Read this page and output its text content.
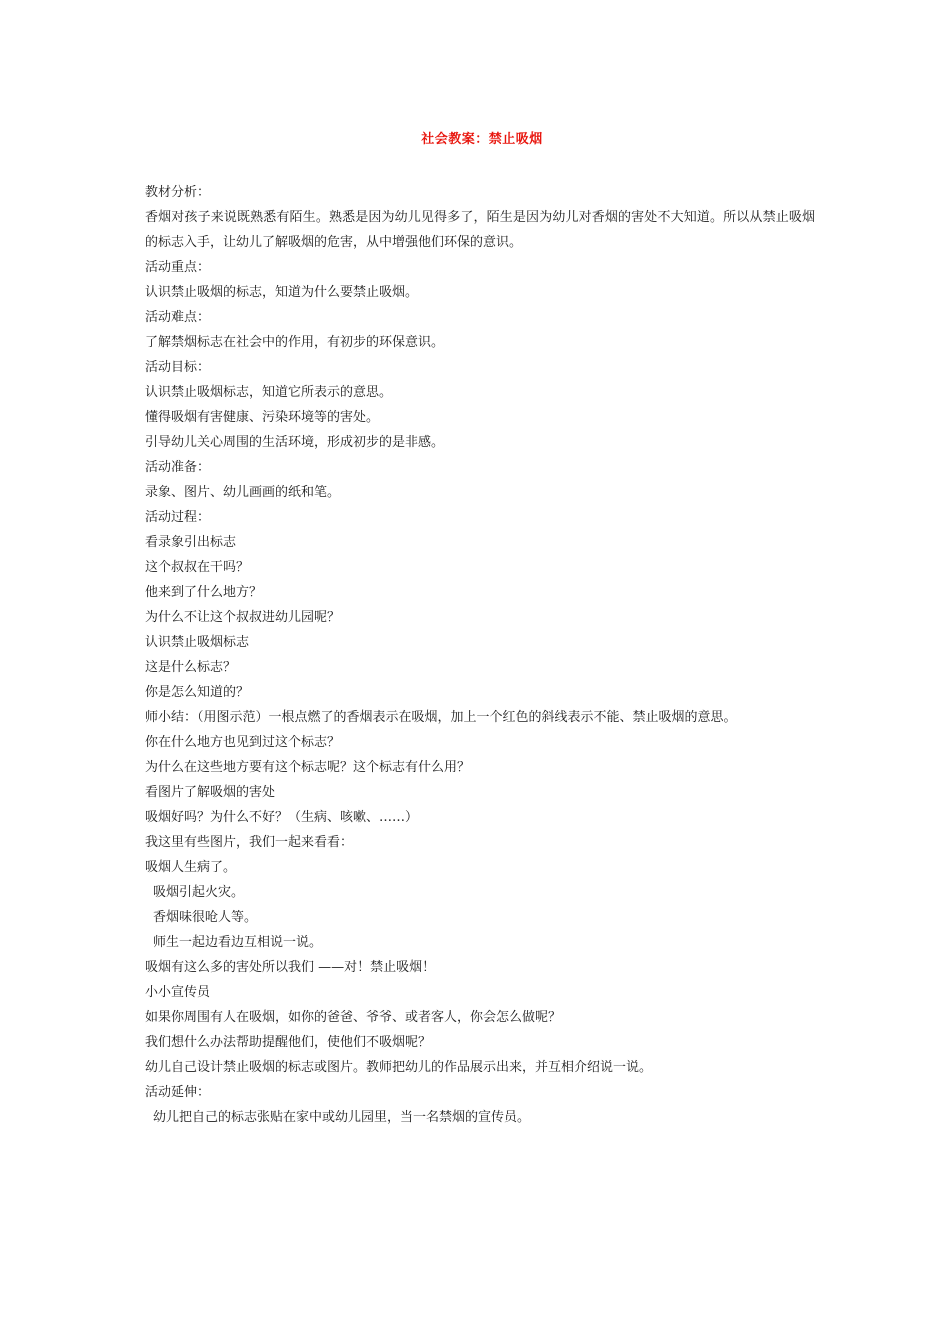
社会教案：禁止吸烟
教材分析：
香烟对孩子来说既熟悉有陌生。熟悉是因为幼儿见得多了，陌生是因为幼儿对香烟的害处不大知道。所以从禁止吸烟的标志入手，让幼儿了解吸烟的危害，从中增强他们环保的意识。
活动重点：
认识禁止吸烟的标志，知道为什么要禁止吸烟。
活动难点：
了解禁烟标志在社会中的作用，有初步的环保意识。
活动目标：
认识禁止吸烟标志，知道它所表示的意思。
懂得吸烟有害健康、污染环境等的害处。
引导幼儿关心周围的生活环境，形成初步的是非感。
活动准备：
录象、图片、幼儿画画的纸和笔。
活动过程：
看录象引出标志
这个叔叔在干吗？
他来到了什么地方？
为什么不让这个叔叔进幼儿园呢？
认识禁止吸烟标志
这是什么标志？
你是怎么知道的？
师小结：（用图示范）一根点燃了的香烟表示在吸烟，加上一个红色的斜线表示不能、禁止吸烟的意思。
你在什么地方也见到过这个标志？
为什么在这些地方要有这个标志呢？这个标志有什么用？
看图片了解吸烟的害处
吸烟好吗？为什么不好？（生病、咳嗽、……）
我这里有些图片，我们一起来看看：
吸烟人生病了。
吸烟引起火灾。
香烟味很呛人等。
师生一起边看边互相说一说。
吸烟有这么多的害处所以我们 ——对！禁止吸烟！
小小宣传员
如果你周围有人在吸烟，如你的爸爸、爷爷、或者客人，你会怎么做呢？
我们想什么办法帮助提醒他们，使他们不吸烟呢？
幼儿自己设计禁止吸烟的标志或图片。教师把幼儿的作品展示出来，并互相介绍说一说。
活动延伸：
幼儿把自己的标志张贴在家中或幼儿园里，当一名禁烟的宣传员。
